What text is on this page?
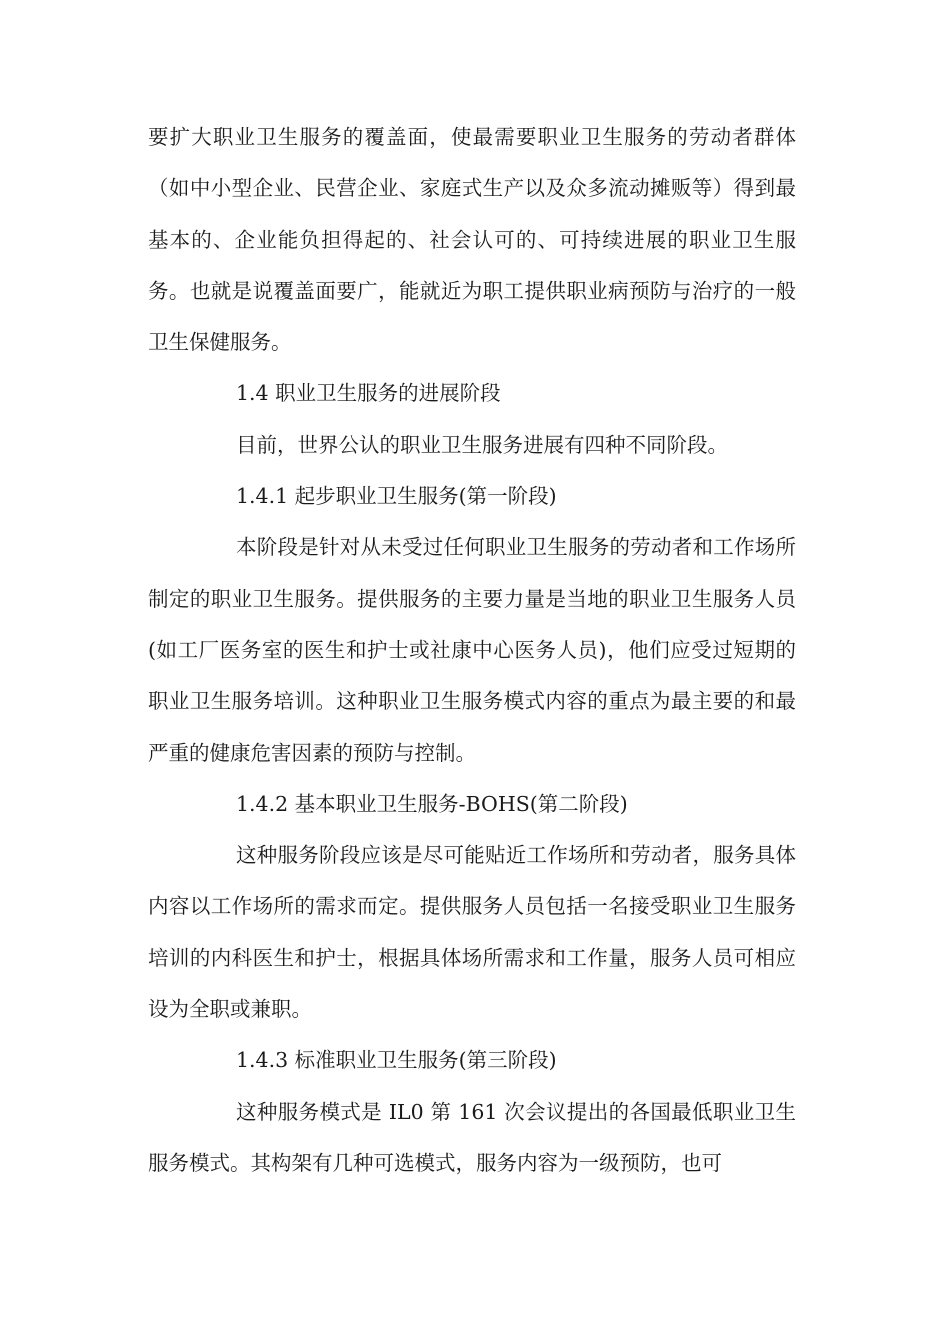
要扩大职业卫生服务的覆盖面，使最需要职业卫生服务的劳动者群体（如中小型企业、民营企业、家庭式生产以及众多流动摊贩等）得到最基本的、企业能负担得起的、社会认可的、可持续进展的职业卫生服务。也就是说覆盖面要广，能就近为职工提供职业病预防与治疗的一般卫生保健服务。

1.4 职业卫生服务的进展阶段

目前，世界公认的职业卫生服务进展有四种不同阶段。

1.4.1 起步职业卫生服务(第一阶段)

本阶段是针对从未受过任何职业卫生服务的劳动者和工作场所制定的职业卫生服务。提供服务的主要力量是当地的职业卫生服务人员(如工厂医务室的医生和护士或社康中心医务人员)，他们应受过短期的职业卫生服务培训。这种职业卫生服务模式内容的重点为最主要的和最严重的健康危害因素的预防与控制。

1.4.2 基本职业卫生服务-BOHS(第二阶段)

这种服务阶段应该是尽可能贴近工作场所和劳动者，服务具体内容以工作场所的需求而定。提供服务人员包括一名接受职业卫生服务培训的内科医生和护士，根据具体场所需求和工作量，服务人员可相应设为全职或兼职。

1.4.3 标准职业卫生服务(第三阶段)

这种服务模式是 IL0 第 161 次会议提出的各国最低职业卫生服务模式。其构架有几种可选模式，服务内容为一级预防，也可
